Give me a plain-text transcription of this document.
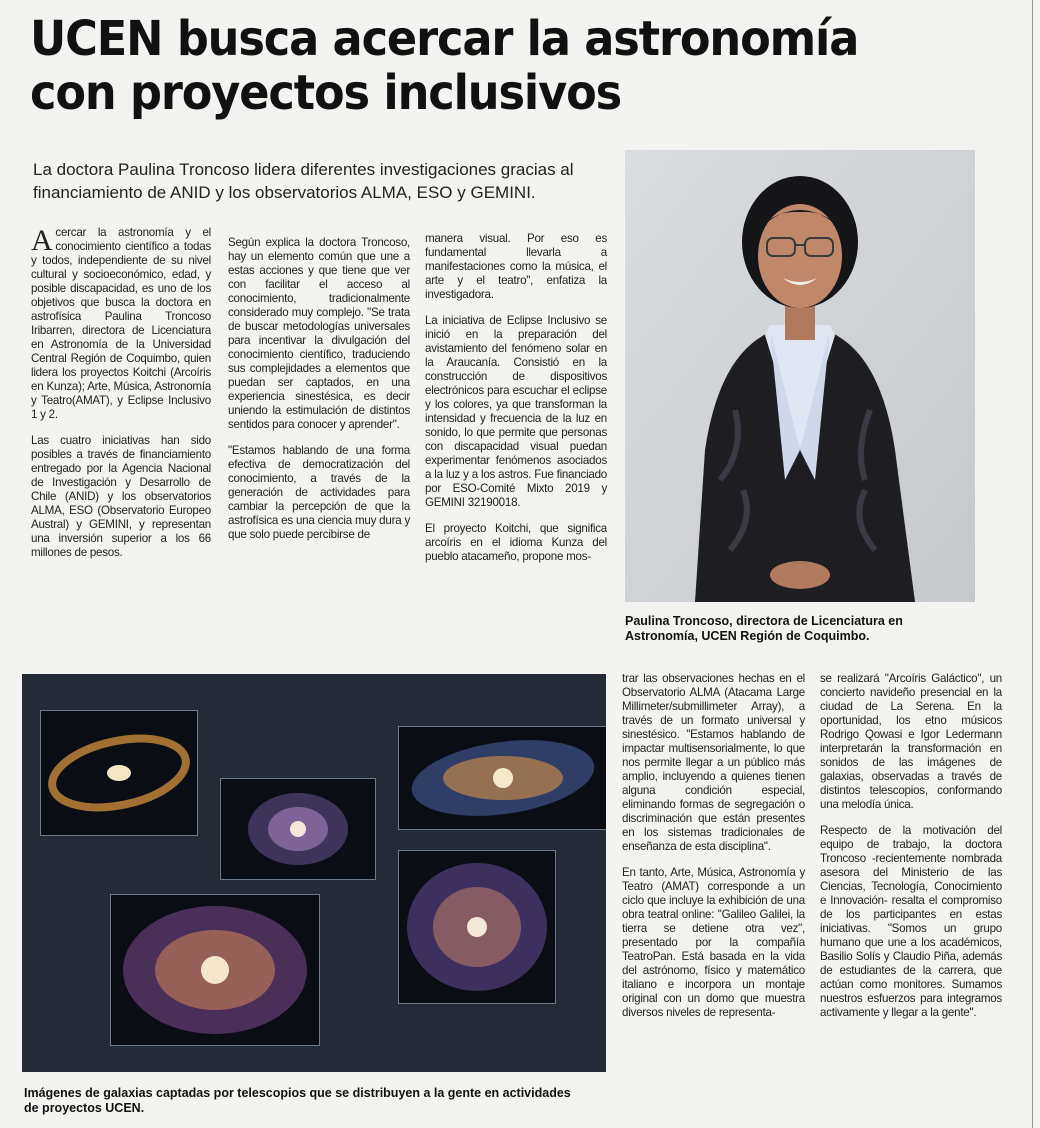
UCEN busca acercar la astronomía con proyectos inclusivos

La doctora Paulina Troncoso lidera diferentes investigaciones gracias al financiamiento de ANID y los observatorios ALMA, ESO y GEMINI.

Acercar la astronomía y el conocimiento científico a todas y todos, independiente de su nivel cultural y socioeconómico, edad, y posible discapacidad, es uno de los objetivos que busca la doctora en astrofísica Paulina Troncoso Iribarren, directora de Licenciatura en Astronomía de la Universidad Central Región de Coquimbo, quien lidera los proyectos Koitchi (Arcoíris en Kunza); Arte, Música, Astronomía y Teatro(AMAT), y Eclipse Inclusivo 1 y 2.

Las cuatro iniciativas han sido posibles a través de financiamiento entregado por la Agencia Nacional de Investigación y Desarrollo de Chile (ANID) y los observatorios ALMA, ESO (Observatorio Europeo Austral) y GEMINI, y representan una inversión superior a los 66 millones de pesos.

Según explica la doctora Troncoso, hay un elemento común que une a estas acciones y que tiene que ver con facilitar el acceso al conocimiento, tradicionalmente considerado muy complejo. "Se trata de buscar metodologías universales para incentivar la divulgación del conocimiento científico, traduciendo sus complejidades a elementos que puedan ser captados, en una experiencia sinestésica, es decir uniendo la estimulación de distintos sentidos para conocer y aprender".

"Estamos hablando de una forma efectiva de democratización del conocimiento, a través de la generación de actividades para cambiar la percepción de que la astrofísica es una ciencia muy dura y que solo puede percibirse de

manera visual. Por eso es fundamental llevarla a manifestaciones como la música, el arte y el teatro", enfatiza la investigadora.

La iniciativa de Eclipse Inclusivo se inició en la preparación del avistamiento del fenómeno solar en la Araucanía. Consistió en la construcción de dispositivos electrónicos para escuchar el eclipse y los colores, ya que transforman la intensidad y frecuencia de la luz en sonido, lo que permite que personas con discapacidad visual puedan experimentar fenómenos asociados a la luz y a los astros. Fue financiado por ESO-Comité Mixto 2019 y GEMINI 32190018.

El proyecto Koitchi, que significa arcoíris en el idioma Kunza del pueblo atacameño, propone mos-

Paulina Troncoso, directora de Licenciatura en Astronomía, UCEN Región de Coquimbo.
Imágenes de galaxias captadas por telescopios que se distribuyen a la gente en actividades de proyectos UCEN.

trar las observaciones hechas en el Observatorio ALMA (Atacama Large Millimeter/submillimeter Array), a través de un formato universal y sinestésico. "Estamos hablando de impactar multisensorialmente, lo que nos permite llegar a un público más amplio, incluyendo a quienes tienen alguna condición especial, eliminando formas de segregación o discriminación que están presentes en los sistemas tradicionales de enseñanza de esta disciplina".

En tanto, Arte, Música, Astronomía y Teatro (AMAT) corresponde a un ciclo que incluye la exhibición de una obra teatral online: "Galileo Galilei, la tierra se detiene otra vez", presentado por la compañía TeatroPan. Está basada en la vida del astrónomo, físico y matemático italiano e incorpora un montaje original con un domo que muestra diversos niveles de representa-

se realizará "Arcoíris Galáctico", un concierto navideño presencial en la ciudad de La Serena. En la oportunidad, los etno músicos Rodrigo Qowasi e Igor Ledermann interpretarán la transformación en sonidos de las imágenes de galaxias, observadas a través de distintos telescopios, conformando una melodía única.

Respecto de la motivación del equipo de trabajo, la doctora Troncoso -recientemente nombrada asesora del Ministerio de las Ciencias, Tecnología, Conocimiento e Innovación- resalta el compromiso de los participantes en estas iniciativas. "Somos un grupo humano que une a los académicos, Basilio Solís y Claudio Piña, además de estudiantes de la carrera, que actúan como monitores. Sumamos nuestros esfuerzos para integramos activamente y llegar a la gente".
